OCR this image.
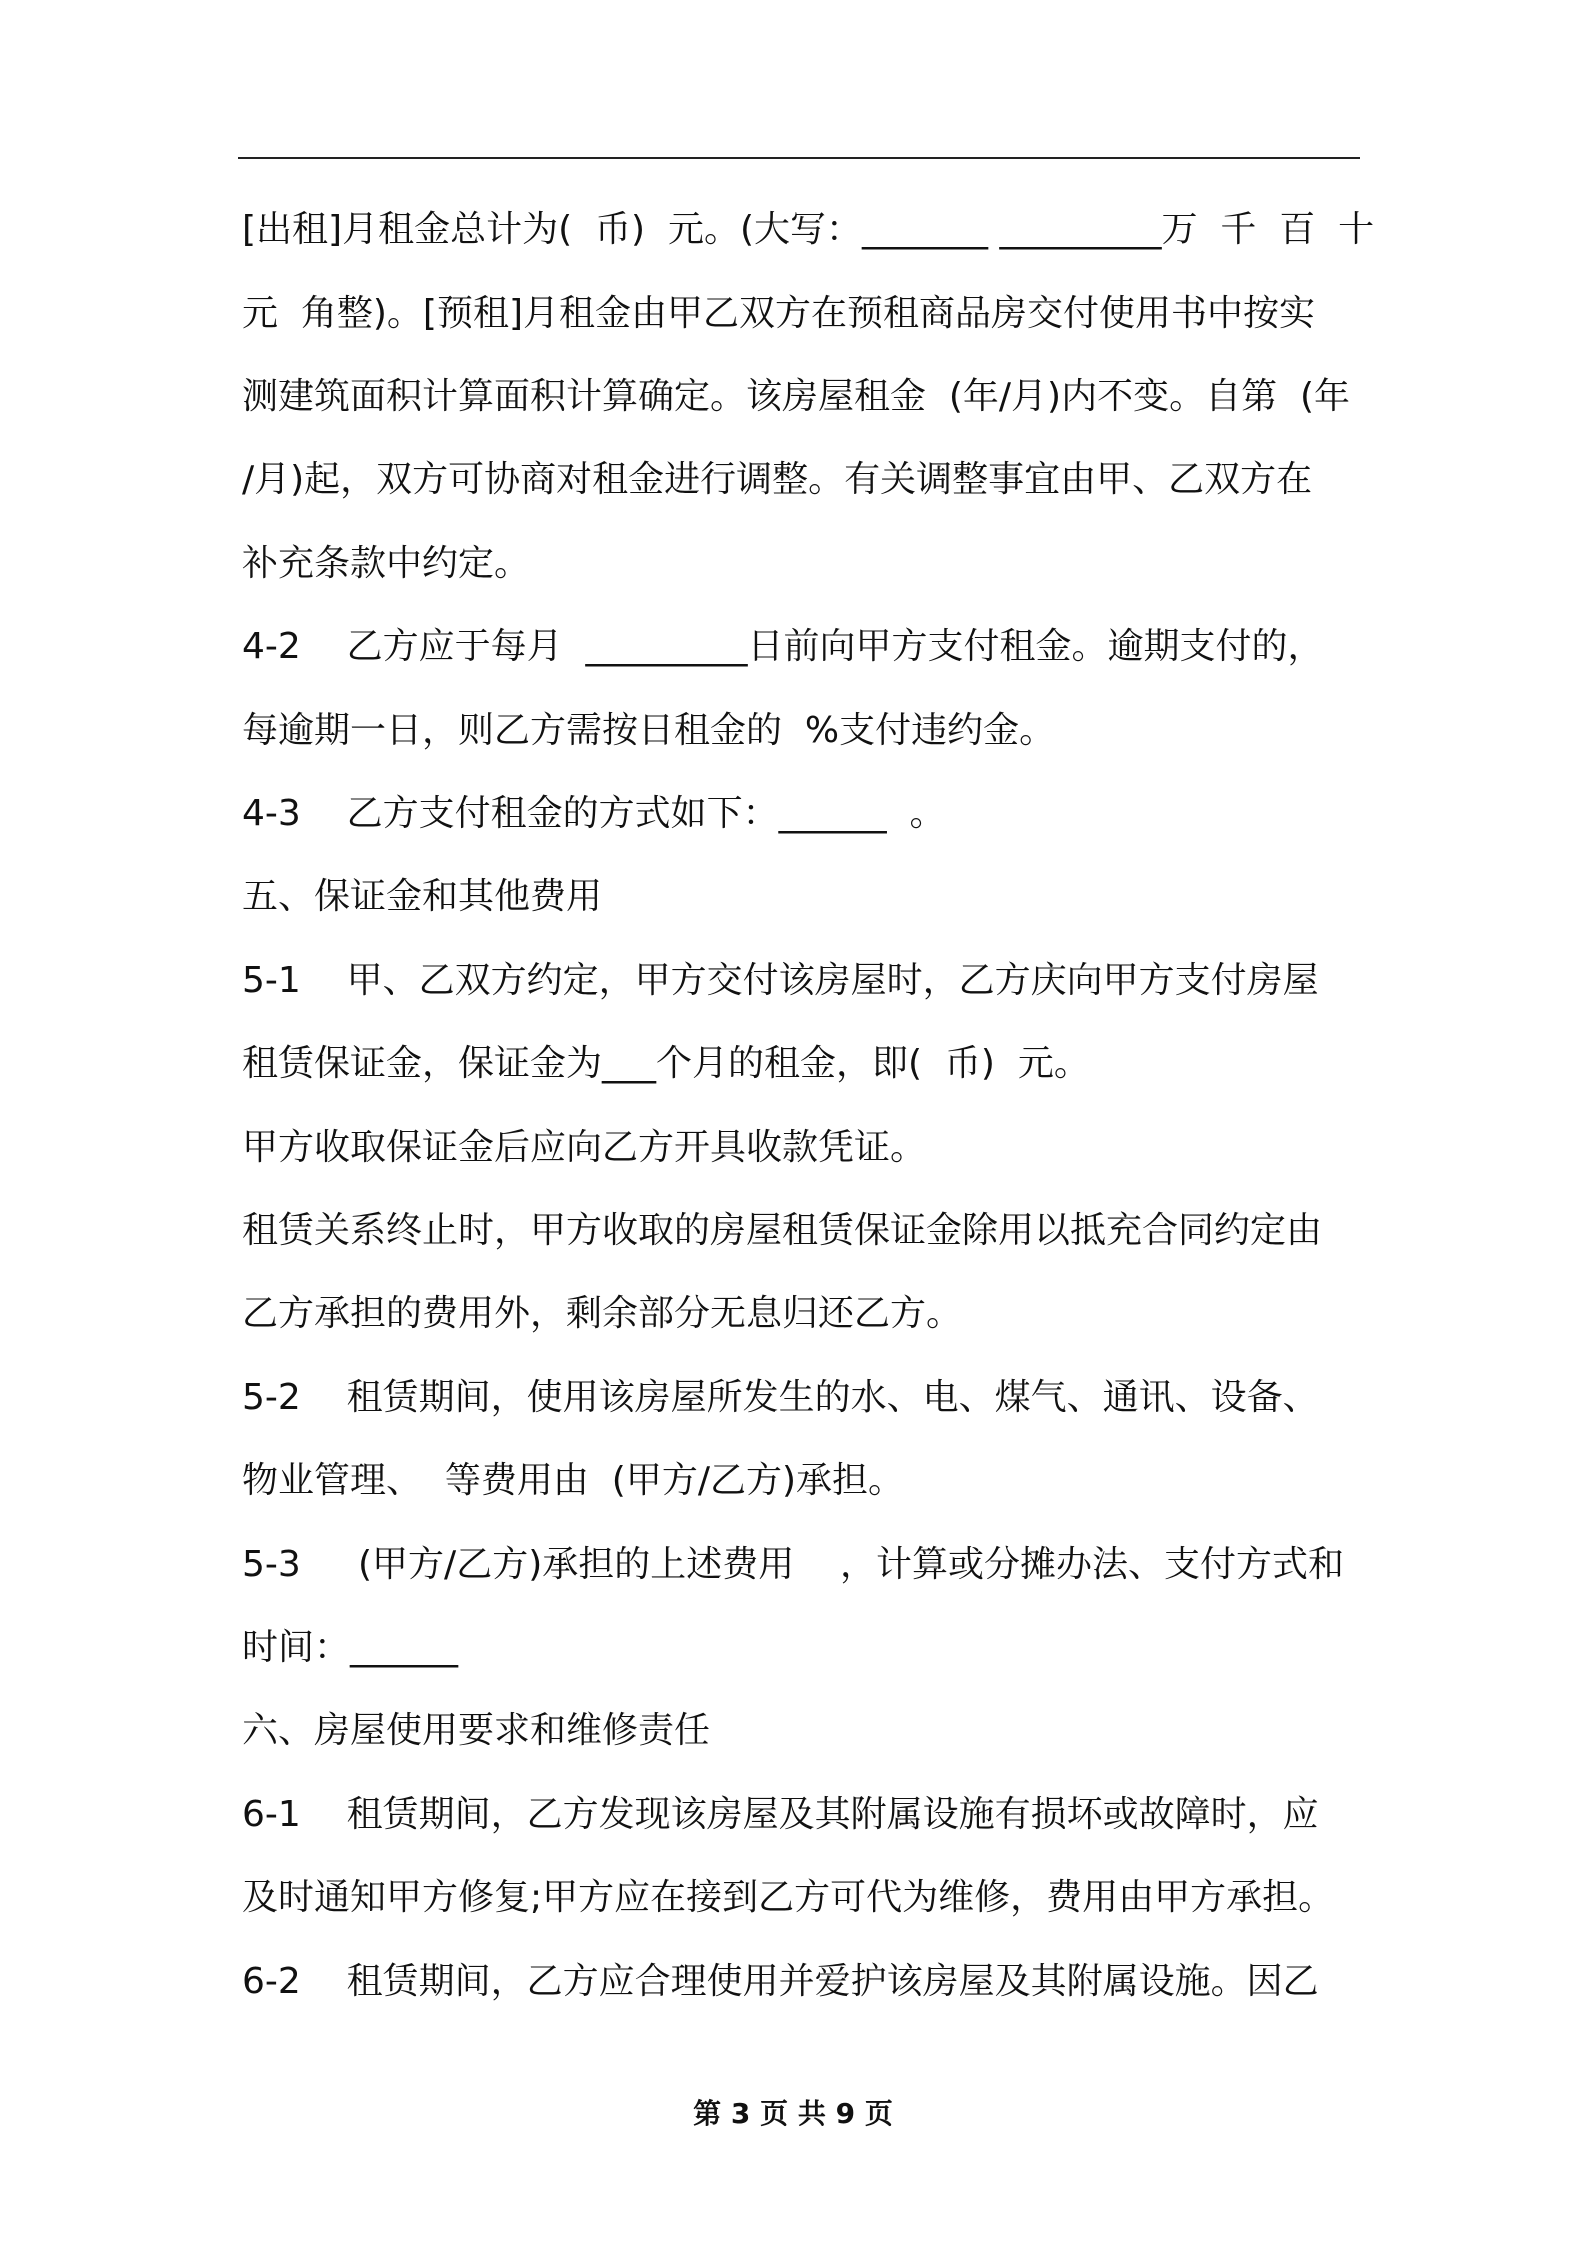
[出租]月租金总计为(  币)  元。(大写：_______ _________万  千  百  十
元  角整)。[预租]月租金由甲乙双方在预租商品房交付使用书中按实
测建筑面积计算面积计算确定。该房屋租金  (年/月)内不变。自第  (年
/月)起，双方可协商对租金进行调整。有关调整事宜由甲、乙双方在
补充条款中约定。
4-2    乙方应于每月  _________日前向甲方支付租金。逾期支付的，
每逾期一日，则乙方需按日租金的  %支付违约金。
4-3    乙方支付租金的方式如下：______  。
五、保证金和其他费用
5-1    甲、乙双方约定，甲方交付该房屋时，乙方庆向甲方支付房屋
租赁保证金，保证金为___个月的租金，即(  币)  元。
甲方收取保证金后应向乙方开具收款凭证。
租赁关系终止时，甲方收取的房屋租赁保证金除用以抵充合同约定由
乙方承担的费用外，剩余部分无息归还乙方。
5-2    租赁期间，使用该房屋所发生的水、电、煤气、通讯、设备、
物业管理、  等费用由  (甲方/乙方)承担。
5-3     (甲方/乙方)承担的上述费用    ，计算或分摊办法、支付方式和
时间：______
六、房屋使用要求和维修责任
6-1    租赁期间，乙方发现该房屋及其附属设施有损坏或故障时，应
及时通知甲方修复;甲方应在接到乙方可代为维修，费用由甲方承担。
6-2    租赁期间，乙方应合理使用并爱护该房屋及其附属设施。因乙
第 3 页 共 9 页
